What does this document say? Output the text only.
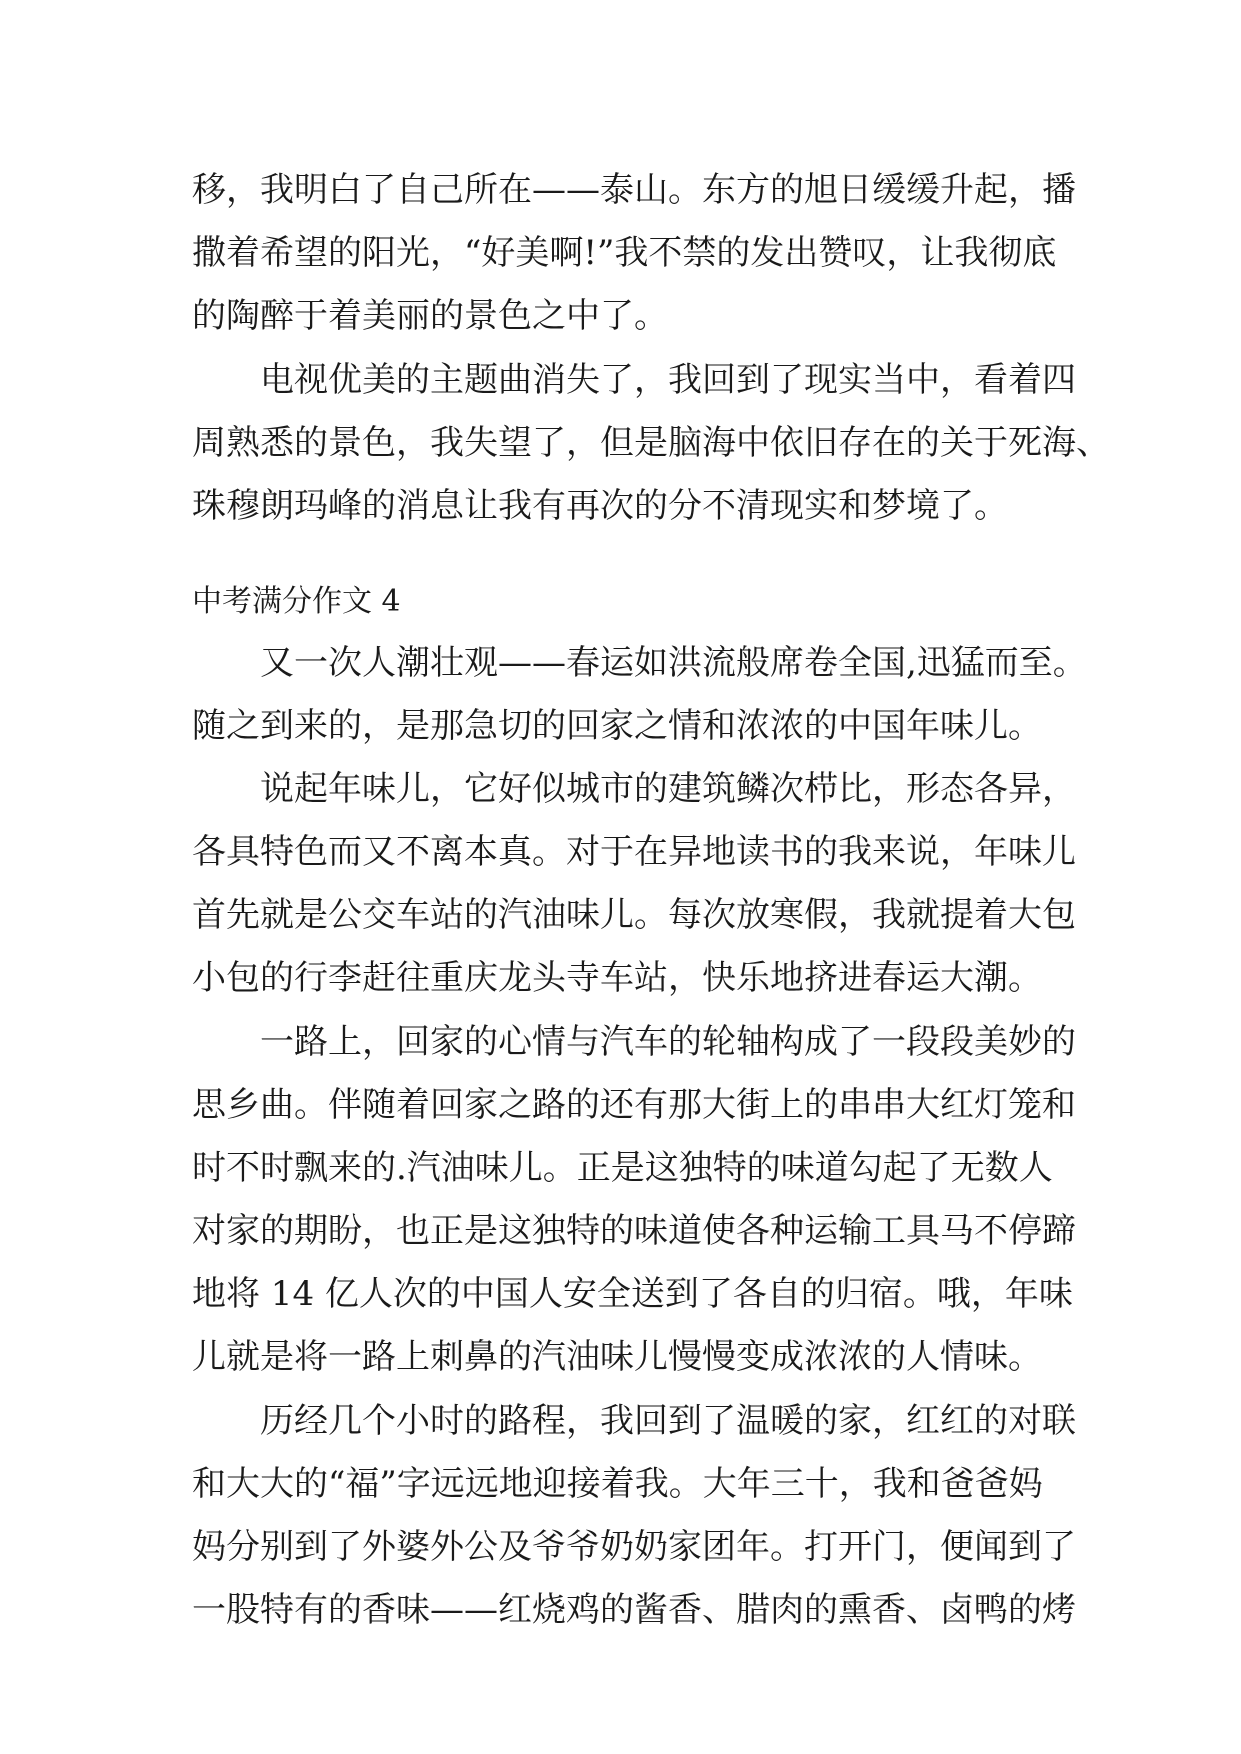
移，我明白了自己所在——泰山。东方的旭日缓缓升起，播
撒着希望的阳光，“好美啊!”我不禁的发出赞叹，让我彻底
的陶醉于着美丽的景色之中了。
电视优美的主题曲消失了，我回到了现实当中，看着四
周熟悉的景色，我失望了，但是脑海中依旧存在的关于死海、
珠穆朗玛峰的消息让我有再次的分不清现实和梦境了。
中考满分作文 4
又一次人潮壮观——春运如洪流般席卷全国,迅猛而至。
随之到来的，是那急切的回家之情和浓浓的中国年味儿。
说起年味儿，它好似城市的建筑鳞次栉比，形态各异，
各具特色而又不离本真。对于在异地读书的我来说，年味儿
首先就是公交车站的汽油味儿。每次放寒假，我就提着大包
小包的行李赶往重庆龙头寺车站，快乐地挤进春运大潮。
一路上，回家的心情与汽车的轮轴构成了一段段美妙的
思乡曲。伴随着回家之路的还有那大街上的串串大红灯笼和
时不时飘来的.汽油味儿。正是这独特的味道勾起了无数人
对家的期盼，也正是这独特的味道使各种运输工具马不停蹄
地将 14 亿人次的中国人安全送到了各自的归宿。哦，年味
儿就是将一路上刺鼻的汽油味儿慢慢变成浓浓的人情味。
历经几个小时的路程，我回到了温暖的家，红红的对联
和大大的“福”字远远地迎接着我。大年三十，我和爸爸妈
妈分别到了外婆外公及爷爷奶奶家团年。打开门，便闻到了
一股特有的香味——红烧鸡的酱香、腊肉的熏香、卤鸭的烤
